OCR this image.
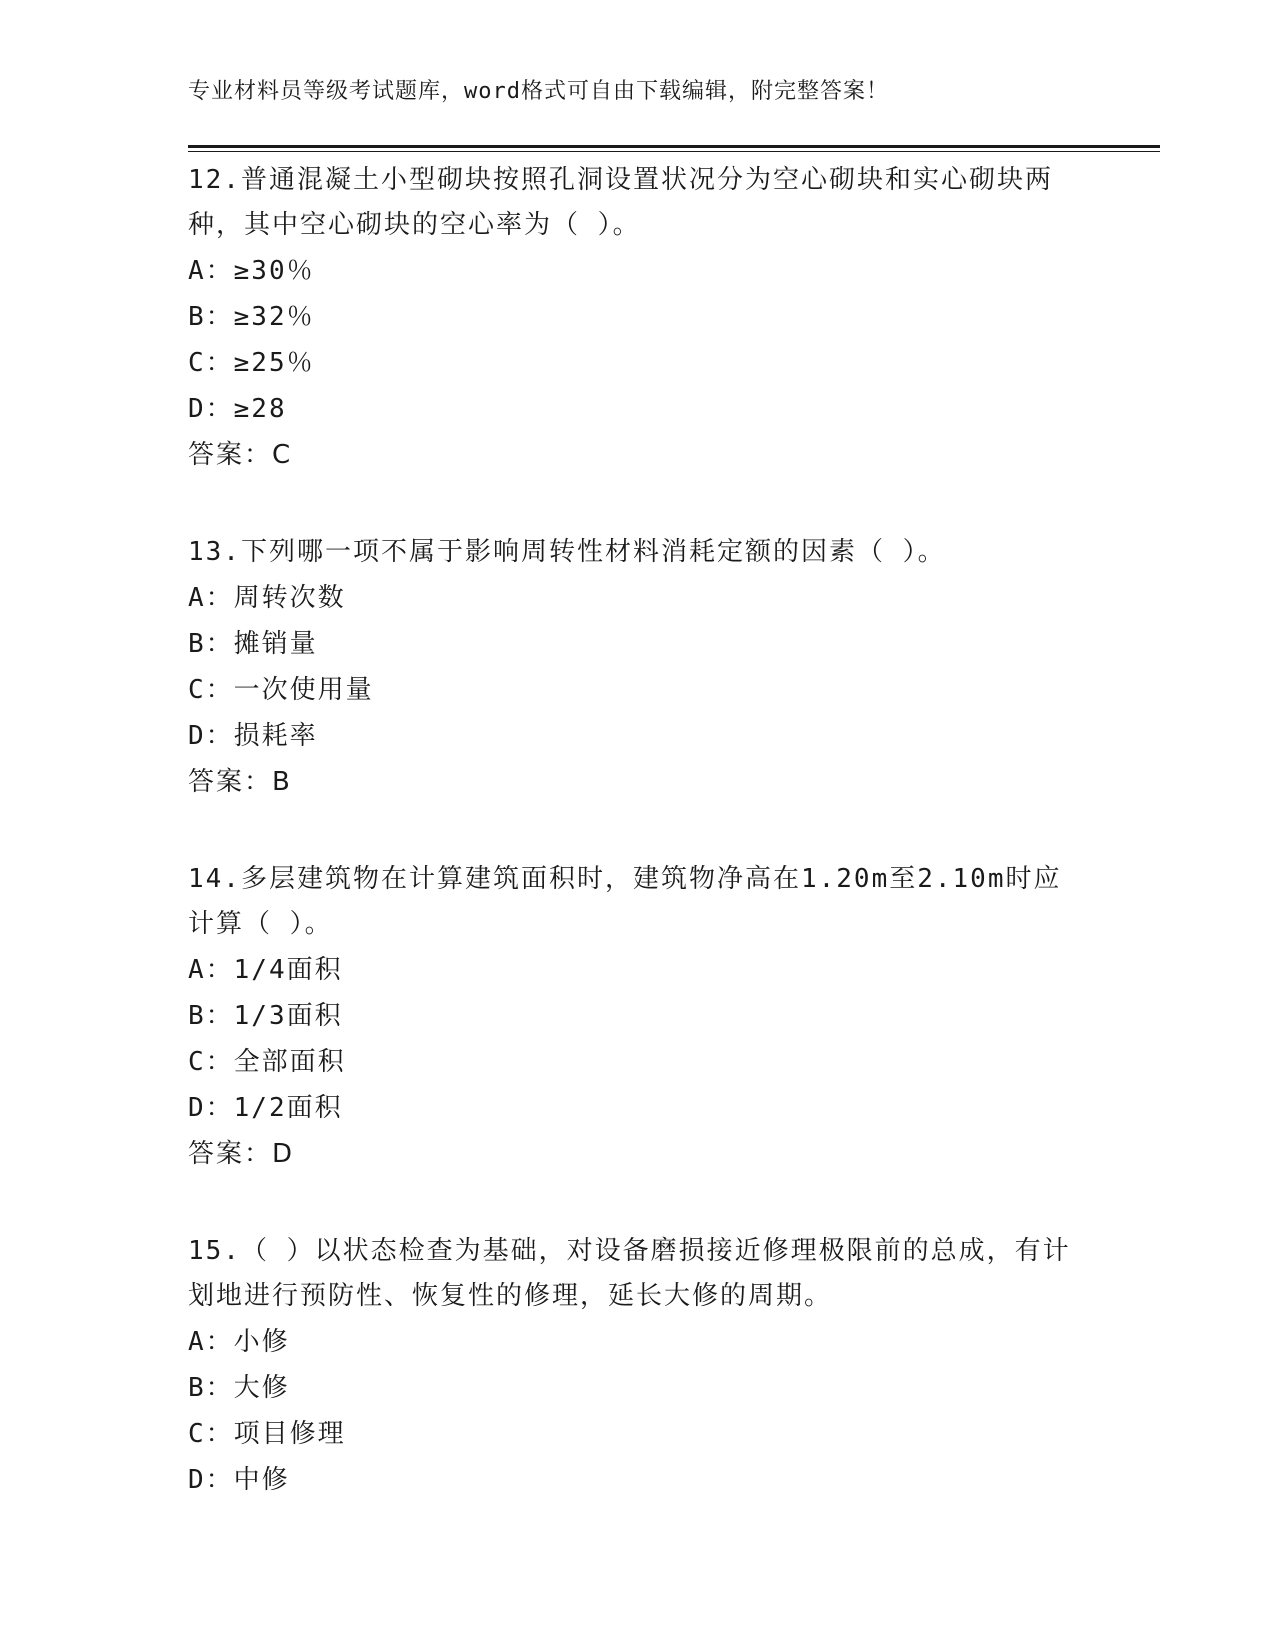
专业材料员等级考试题库，word格式可自由下载编辑，附完整答案！
12.普通混凝土小型砌块按照孔洞设置状况分为空心砌块和实心砌块两种，其中空心砌块的空心率为（ ）。
A：≥30％
B：≥32％
C：≥25％
D：≥28
答案：C
13.下列哪一项不属于影响周转性材料消耗定额的因素（ ）。
A：周转次数
B：摊销量
C：一次使用量
D：损耗率
答案：B
14.多层建筑物在计算建筑面积时，建筑物净高在1.20m至2.10m时应计算（ ）。
A：1/4面积
B：1/3面积
C：全部面积
D：1/2面积
答案：D
15.（ ）以状态检查为基础，对设备磨损接近修理极限前的总成，有计划地进行预防性、恢复性的修理，延长大修的周期。
A：小修
B：大修
C：项目修理
D：中修
